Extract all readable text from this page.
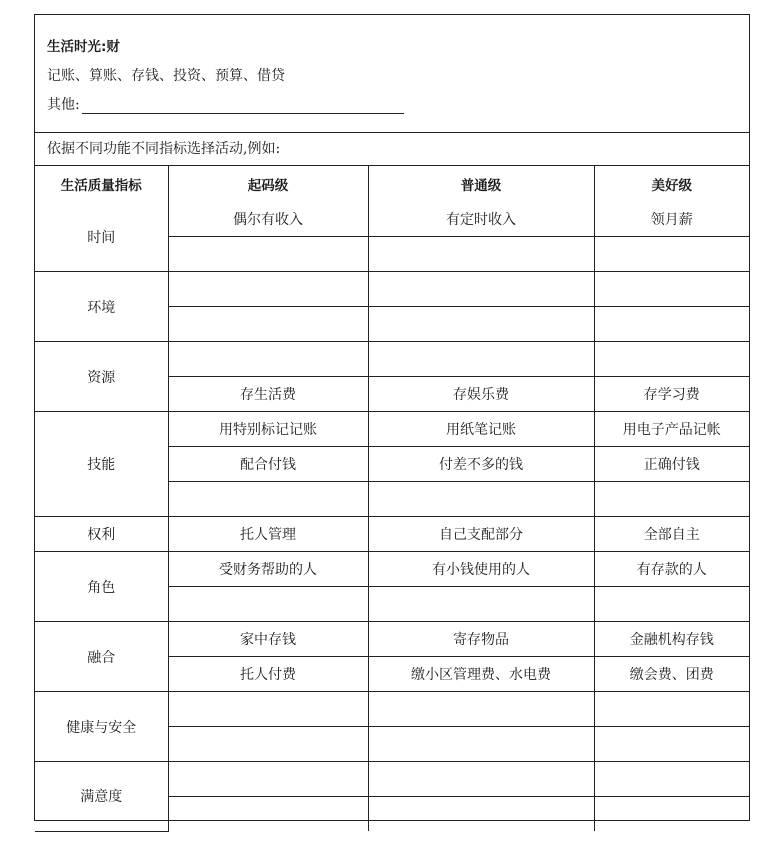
生活时光:财
记账、算账、存钱、投资、预算、借贷
其他:
依据不同功能不同指标选择活动,例如:
生活质量指标	起码级	普通级	美好级
时间	偶尔有收入	有定时收入	领月薪

环境			

资源			
	存生活费	存娱乐费	存学习费
技能	用特别标记记账	用纸笔记账	用电子产品记帐
	配合付钱	付差不多的钱	正确付钱

权利	托人管理	自己支配部分	全部自主
角色	受财务帮助的人	有小钱使用的人	有存款的人

融合	家中存钱	寄存物品	金融机构存钱
	托人付费	缴小区管理费、水电费	缴会费、团费
健康与安全			

满意度			
